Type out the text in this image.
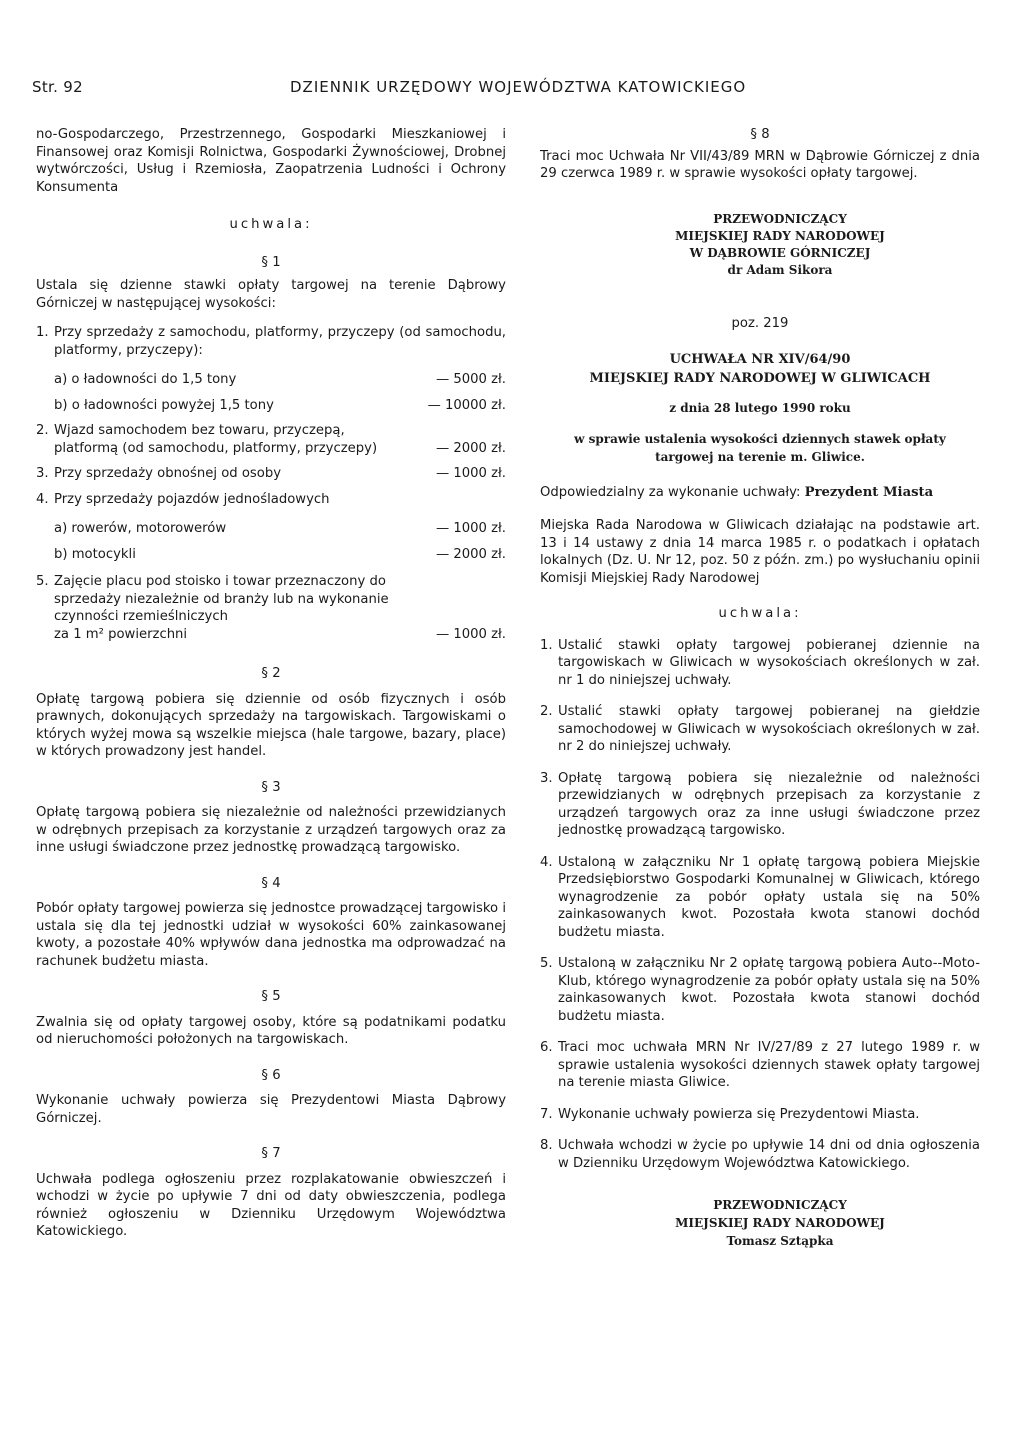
Str. 92	DZIENNIK URZĘDOWY WOJEWÓDZTWA KATOWICKIEGO

no-Gospodarczego, Przestrzennego, Gospodarki Mieszkaniowej i Finansowej oraz Komisji Rolnictwa, Gospodarki Żywnościowej, Drobnej wytwórczości, Usług i Rzemiosła, Zaopatrzenia Ludności i Ochrony Konsumenta

uchwala:

§ 1

Ustala się dzienne stawki opłaty targowej na terenie Dąbrowy Górniczej w następującej wysokości:

1. Przy sprzedaży z samochodu, platformy, przyczepy (od samochodu, platformy, przyczepy):
a) o ładowności do 1,5 tony	— 5000 zł.
b) o ładowności powyżej 1,5 tony	— 10000 zł.
2. Wjazd samochodem bez towaru, przyczepą,
platformą (od samochodu, platformy, przyczepy)	— 2000 zł.
3. Przy sprzedaży obnośnej od osoby	— 1000 zł.
4. Przy sprzedaży pojazdów jednośladowych
a) rowerów, motorowerów	— 1000 zł.
b) motocykli	— 2000 zł.
5. Zajęcie placu pod stoisko i towar przeznaczony do sprzedaży niezależnie od branży lub na wykonanie czynności rzemieślniczych
za 1 m² powierzchni	— 1000 zł.

§ 2

Opłatę targową pobiera się dziennie od osób fizycznych i osób prawnych, dokonujących sprzedaży na targowiskach. Targowiskami o których wyżej mowa są wszelkie miejsca (hale targowe, bazary, place) w których prowadzony jest handel.

§ 3

Opłatę targową pobiera się niezależnie od należności przewidzianych w odrębnych przepisach za korzystanie z urządzeń targowych oraz za inne usługi świadczone przez jednostkę prowadzącą targowisko.

§ 4

Pobór opłaty targowej powierza się jednostce prowadzącej targowisko i ustala się dla tej jednostki udział w wysokości 60% zainkasowanej kwoty, a pozostałe 40% wpływów dana jednostka ma odprowadzać na rachunek budżetu miasta.

§ 5

Zwalnia się od opłaty targowej osoby, które są podatnikami podatku od nieruchomości położonych na targowiskach.

§ 6

Wykonanie uchwały powierza się Prezydentowi Miasta Dąbrowy Górniczej.

§ 7

Uchwała podlega ogłoszeniu przez rozplakatowanie obwieszczeń i wchodzi w życie po upływie 7 dni od daty obwieszczenia, podlega również ogłoszeniu w Dzienniku Urzędowym Województwa Katowickiego.

§ 8

Traci moc Uchwała Nr VII/43/89 MRN w Dąbrowie Górniczej z dnia 29 czerwca 1989 r. w sprawie wysokości opłaty targowej.

PRZEWODNICZĄCY
MIEJSKIEJ RADY NARODOWEJ
W DĄBROWIE GÓRNICZEJ
dr Adam Sikora

poz. 219

UCHWAŁA NR XIV/64/90
MIEJSKIEJ RADY NARODOWEJ W GLIWICACH

z dnia 28 lutego 1990 roku

w sprawie ustalenia wysokości dziennych stawek opłaty targowej na terenie m. Gliwice.

Odpowiedzialny za wykonanie uchwały: Prezydent Miasta

Miejska Rada Narodowa w Gliwicach działając na podstawie art. 13 i 14 ustawy z dnia 14 marca 1985 r. o podatkach i opłatach lokalnych (Dz. U. Nr 12, poz. 50 z późn. zm.) po wysłuchaniu opinii Komisji Miejskiej Rady Narodowej

uchwala:

1. Ustalić stawki opłaty targowej pobieranej dziennie na targowiskach w Gliwicach w wysokościach określonych w zał. nr 1 do niniejszej uchwały.
2. Ustalić stawki opłaty targowej pobieranej na giełdzie samochodowej w Gliwicach w wysokościach określonych w zał. nr 2 do niniejszej uchwały.
3. Opłatę targową pobiera się niezależnie od należności przewidzianych w odrębnych przepisach za korzystanie z urządzeń targowych oraz za inne usługi świadczone przez jednostkę prowadzącą targowisko.
4. Ustaloną w załączniku Nr 1 opłatę targową pobiera Miejskie Przedsiębiorstwo Gospodarki Komunalnej w Gliwicach, którego wynagrodzenie za pobór opłaty ustala się na 50% zainkasowanych kwot. Pozostała kwota stanowi dochód budżetu miasta.
5. Ustaloną w załączniku Nr 2 opłatę targową pobiera Auto--Moto-Klub, którego wynagrodzenie za pobór opłaty ustala się na 50% zainkasowanych kwot. Pozostała kwota stanowi dochód budżetu miasta.
6. Traci moc uchwała MRN Nr IV/27/89 z 27 lutego 1989 r. w sprawie ustalenia wysokości dziennych stawek opłaty targowej na terenie miasta Gliwice.
7. Wykonanie uchwały powierza się Prezydentowi Miasta.
8. Uchwała wchodzi w życie po upływie 14 dni od dnia ogłoszenia w Dzienniku Urzędowym Województwa Katowickiego.
PRZEWODNICZĄCY
MIEJSKIEJ RADY NARODOWEJ
Tomasz Sztąpka
